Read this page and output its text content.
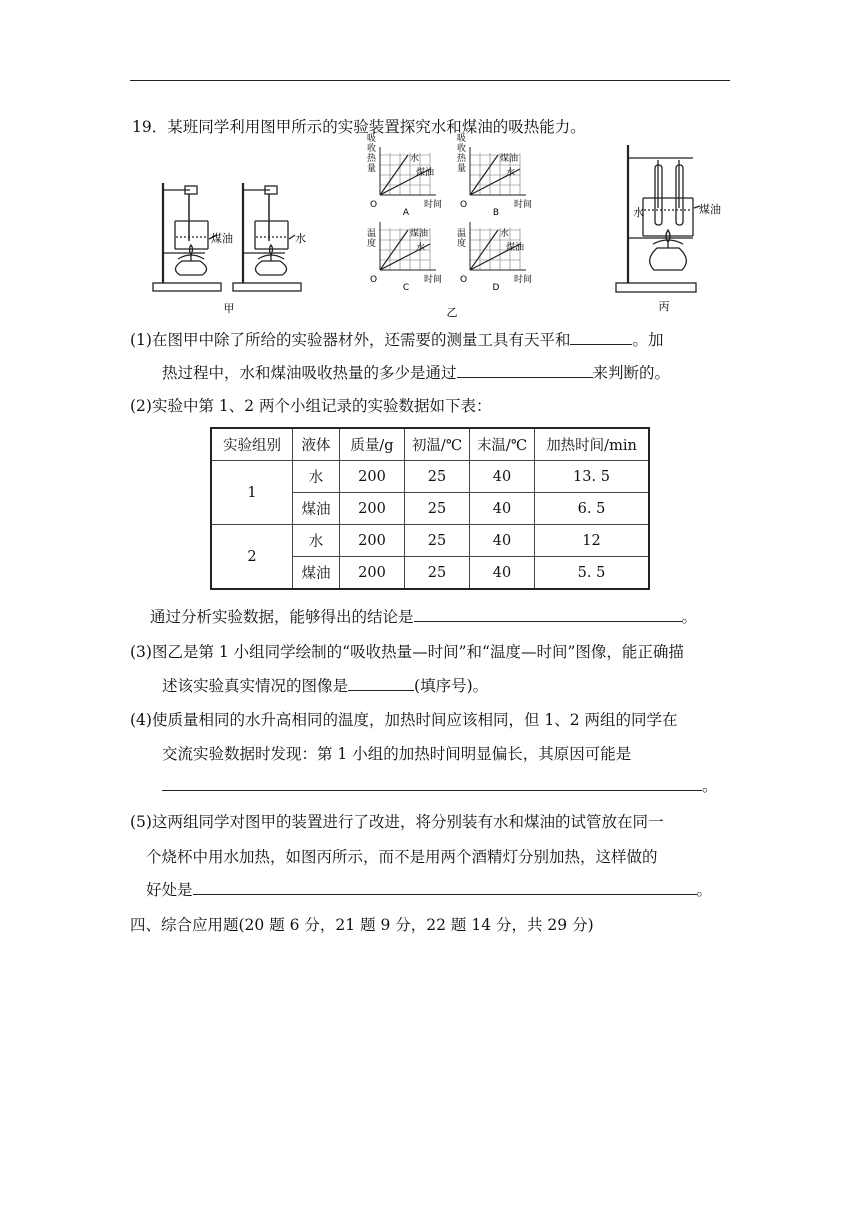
19．某班同学利用图甲所示的实验装置探究水和煤油的吸热能力。
煤油	水
甲	乙
水
煤油
吸
收
热
量
O	时间
A
煤油
水
吸
收
热
量
O	时间
B
煤油
水
温
度
O	时间
C
水
煤油
温
度
O	时间
D
水	煤油
丙
(1)在图甲中除了所给的实验器材外，还需要的测量工具有天平和	。加
热过程中，水和煤油吸收热量的多少是通过	来判断的。
(2)实验中第 1、2 两个小组记录的实验数据如下表：
实验组别	液体	质量/g	初温/℃	末温/℃	加热时间/min
1	水	200	25	40	13. 5
	煤油	200	25	40	6. 5
2	水	200	25	40	12
	煤油	200	25	40	5. 5
通过分析实验数据，能够得出的结论是	。
(3)图乙是第 1 小组同学绘制的“吸收热量—时间”和“温度—时间”图像，能正确描
述该实验真实情况的图像是	(填序号)。
(4)使质量相同的水升高相同的温度，加热时间应该相同，但 1、2 两组的同学在
交流实验数据时发现：第 1 小组的加热时间明显偏长，其原因可能是
。
(5)这两组同学对图甲的装置进行了改进，将分别装有水和煤油的试管放在同一
个烧杯中用水加热，如图丙所示，而不是用两个酒精灯分别加热，这样做的
好处是	。
四、综合应用题(20 题 6 分，21 题 9 分，22 题 14 分，共 29 分)
